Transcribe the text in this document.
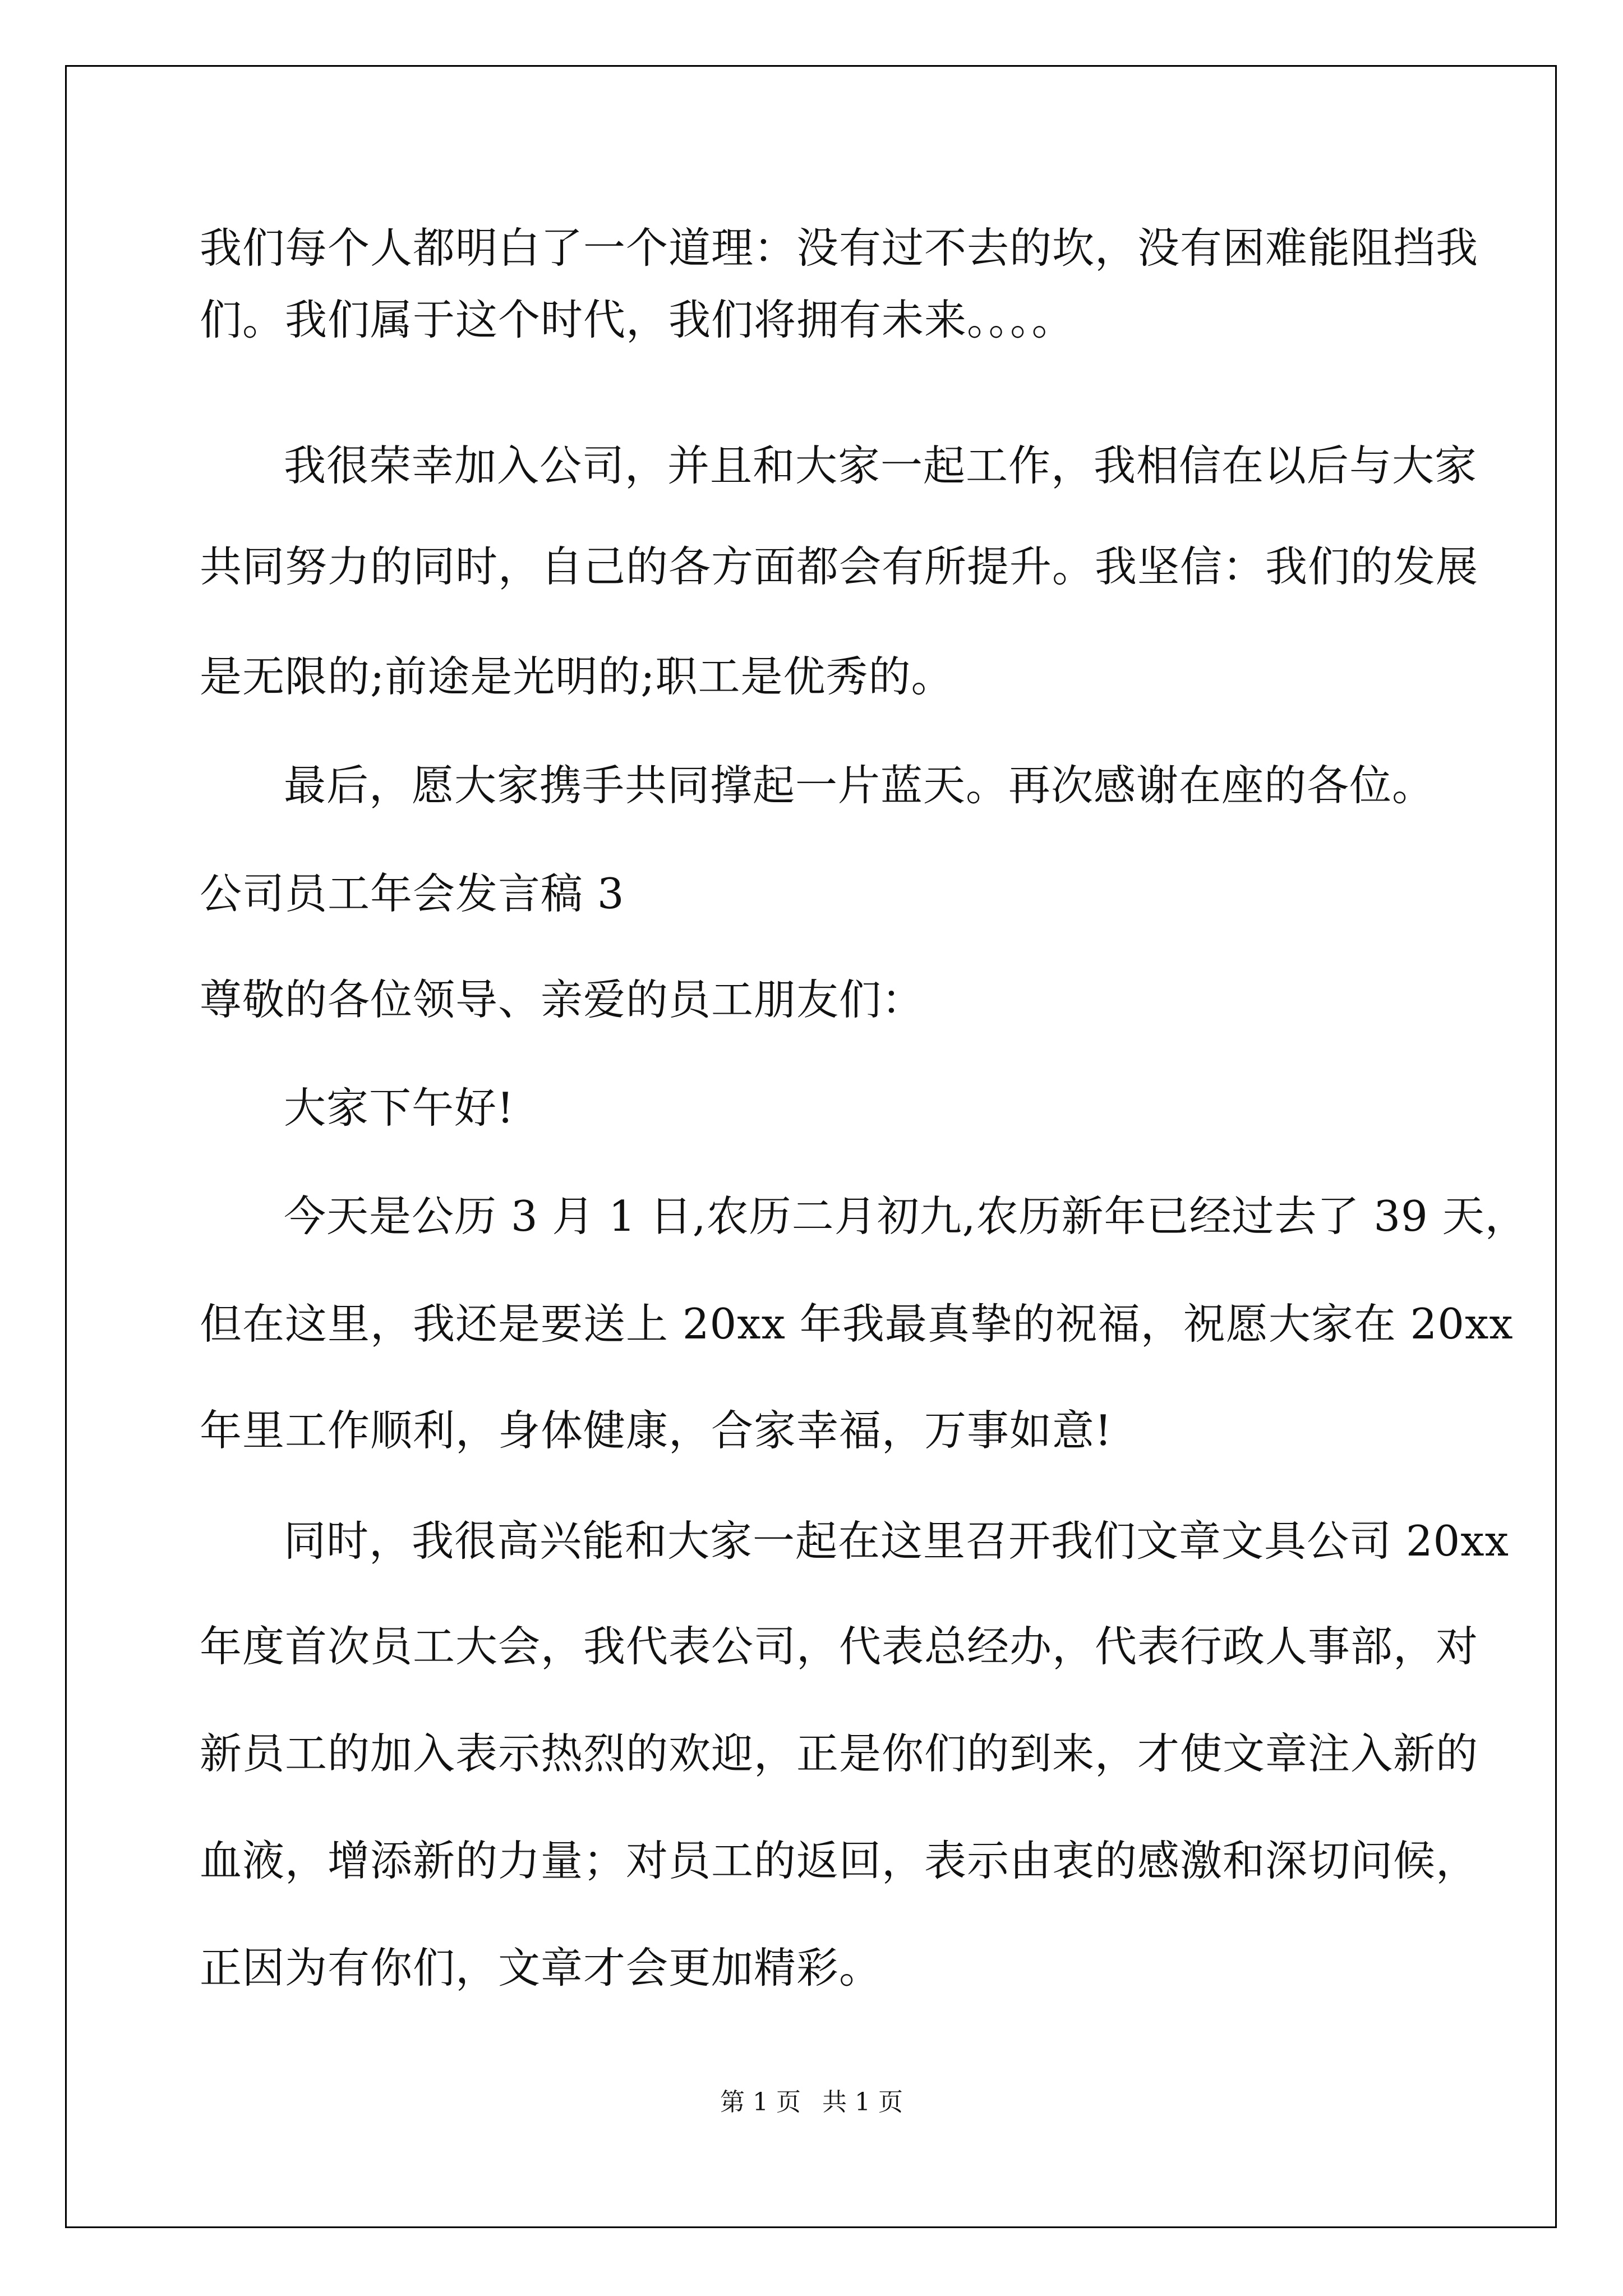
我们每个人都明白了一个道理：没有过不去的坎，没有困难能阻挡我
们。我们属于这个时代，我们将拥有未来。。。。
我很荣幸加入公司，并且和大家一起工作，我相信在以后与大家
共同努力的同时，自己的各方面都会有所提升。我坚信：我们的发展
是无限的;前途是光明的;职工是优秀的。
最后，愿大家携手共同撑起一片蓝天。再次感谢在座的各位。
公司员工年会发言稿 3
尊敬的各位领导、亲爱的员工朋友们：
大家下午好!
今天是公历 3 月 1 日,农历二月初九,农历新年已经过去了 39 天，
但在这里，我还是要送上 20xx 年我最真挚的祝福，祝愿大家在 20xx
年里工作顺利，身体健康，合家幸福，万事如意!
同时，我很高兴能和大家一起在这里召开我们文章文具公司 20xx
年度首次员工大会，我代表公司，代表总经办，代表行政人事部，对
新员工的加入表示热烈的欢迎，正是你们的到来，才使文章注入新的
血液，增添新的力量；对员工的返回，表示由衷的感激和深切问候，
正因为有你们，文章才会更加精彩。
第 1 页 共 1 页
